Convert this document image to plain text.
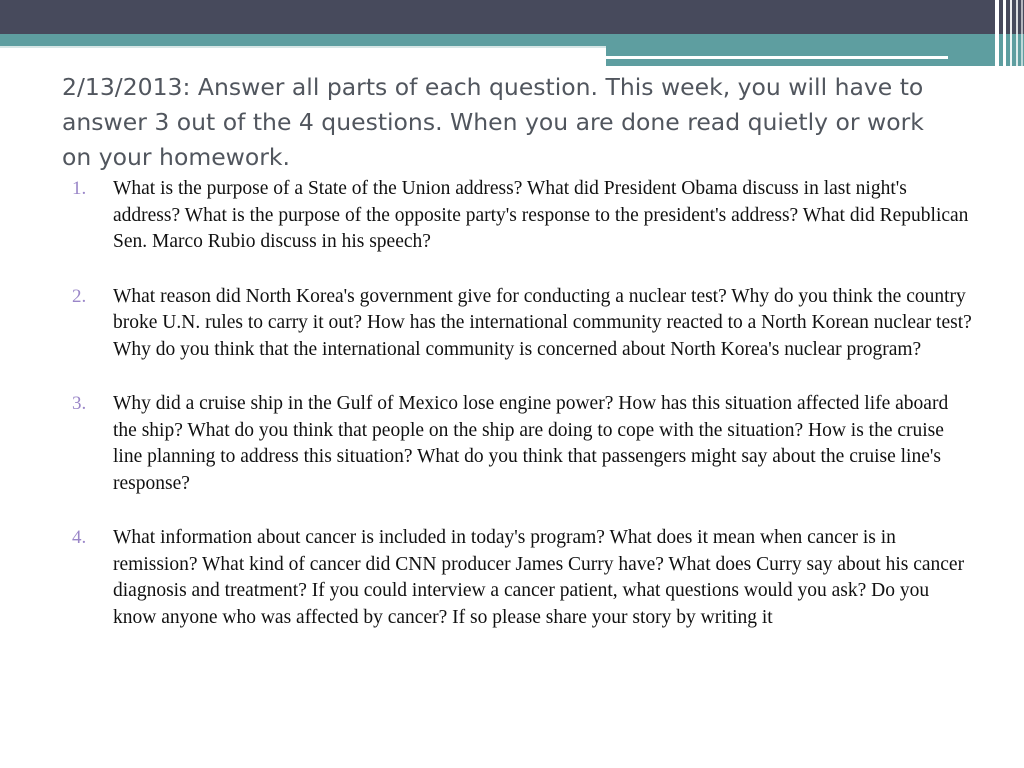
2/13/2013: Answer all parts of each question. This week, you will have to answer 3 out of the 4 questions. When you are done read quietly or work on your homework.
1. What is the purpose of a State of the Union address? What did President Obama discuss in last night's address? What is the purpose of the opposite party's response to the president's address? What did Republican Sen. Marco Rubio discuss in his speech?
2. What reason did North Korea's government give for conducting a nuclear test? Why do you think the country broke U.N. rules to carry it out? How has the international community reacted to a North Korean nuclear test? Why do you think that the international community is concerned about North Korea's nuclear program?
3. Why did a cruise ship in the Gulf of Mexico lose engine power? How has this situation affected life aboard the ship? What do you think that people on the ship are doing to cope with the situation? How is the cruise line planning to address this situation? What do you think that passengers might say about the cruise line's response?
4. What information about cancer is included in today's program? What does it mean when cancer is in remission? What kind of cancer did CNN producer James Curry have? What does Curry say about his cancer diagnosis and treatment? If you could interview a cancer patient, what questions would you ask? Do you know anyone who was affected by cancer? If so please share your story by writing it
